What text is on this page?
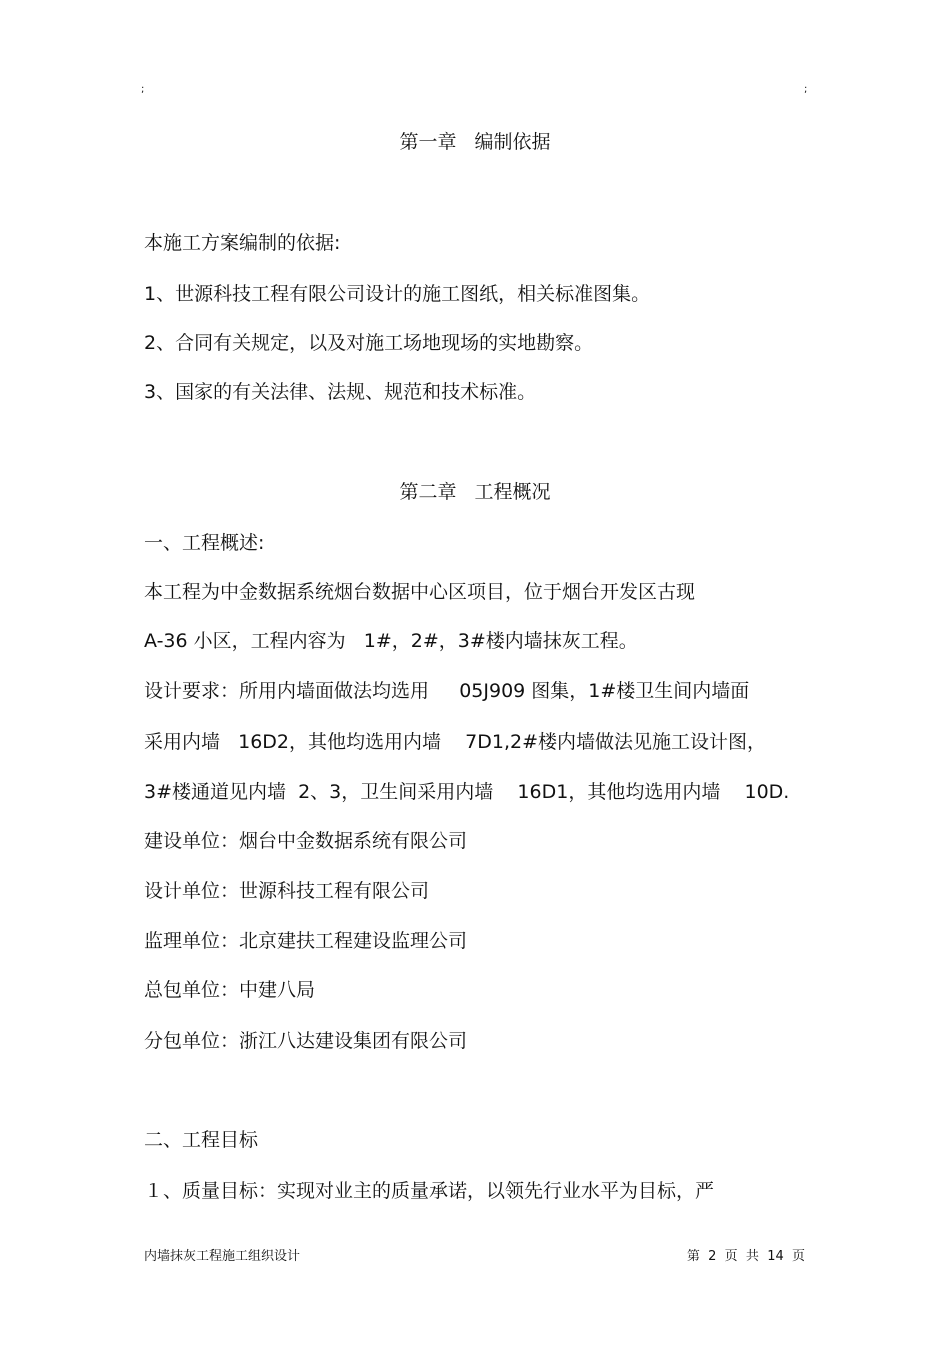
;	;
第一章   编制依据
本施工方案编制的依据:
1、世源科技工程有限公司设计的施工图纸，相关标准图集。
2、合同有关规定，以及对施工场地现场的实地勘察。
3、国家的有关法律、法规、规范和技术标准。
第二章   工程概况
一、工程概述:
本工程为中金数据系统烟台数据中心区项目，位于烟台开发区古现
A-36 小区，工程内容为   1#，2#，3#楼内墙抹灰工程。
设计要求：所用内墙面做法均选用     05J909 图集，1#楼卫生间内墙面
采用内墙   16D2，其他均选用内墙    7D1,2#楼内墙做法见施工设计图，
3#楼通道见内墙  2、3，卫生间采用内墙    16D1，其他均选用内墙    10D.
建设单位：烟台中金数据系统有限公司
设计单位：世源科技工程有限公司
监理单位：北京建扶工程建设监理公司
总包单位：中建八局
分包单位：浙江八达建设集团有限公司
二、工程目标
１、质量目标：实现对业主的质量承诺，以领先行业水平为目标，严
内墙抹灰工程施工组织设计	第  2  页  共  14  页
